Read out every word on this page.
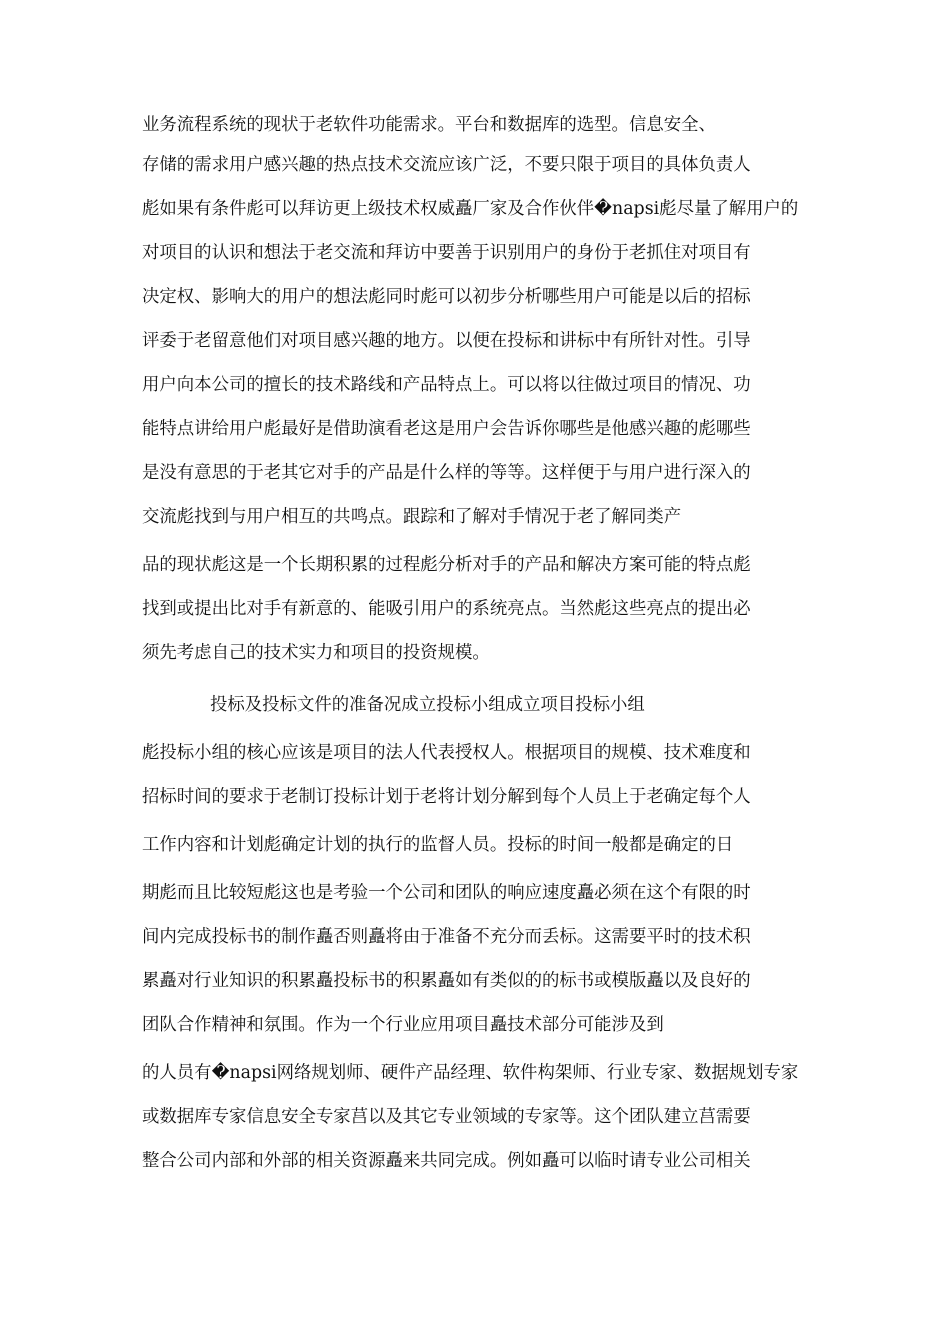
业务流程系统的现状于老软件功能需求。平台和数据库的选型。信息安全、
存储的需求用户感兴趣的热点技术交流应该广泛，不要只限于项目的具体负责人
彪如果有条件彪可以拜访更上级技术权威矗厂家及合作伙伴�napsi彪尽量了解用户的
对项目的认识和想法于老交流和拜访中要善于识别用户的身份于老抓住对项目有
决定权、影响大的用户的想法彪同时彪可以初步分析哪些用户可能是以后的招标
评委于老留意他们对项目感兴趣的地方。以便在投标和讲标中有所针对性。引导
用户向本公司的擅长的技术路线和产品特点上。可以将以往做过项目的情况、功
能特点讲给用户彪最好是借助演看老这是用户会告诉你哪些是他感兴趣的彪哪些
是没有意思的于老其它对手的产品是什么样的等等。这样便于与用户进行深入的
交流彪找到与用户相互的共鸣点。跟踪和了解对手情况于老了解同类产
品的现状彪这是一个长期积累的过程彪分析对手的产品和解决方案可能的特点彪
找到或提出比对手有新意的、能吸引用户的系统亮点。当然彪这些亮点的提出必
须先考虑自己的技术实力和项目的投资规模。
投标及投标文件的准备况成立投标小组成立项目投标小组
彪投标小组的核心应该是项目的法人代表授权人。根据项目的规模、技术难度和
招标时间的要求于老制订投标计划于老将计划分解到每个人员上于老确定每个人
工作内容和计划彪确定计划的执行的监督人员。投标的时间一般都是确定的日
期彪而且比较短彪这也是考验一个公司和团队的响应速度矗必须在这个有限的时
间内完成投标书的制作矗否则矗将由于准备不充分而丢标。这需要平时的技术积
累矗对行业知识的积累矗投标书的积累矗如有类似的的标书或模版矗以及良好的
团队合作精神和氛围。作为一个行业应用项目矗技术部分可能涉及到
的人员有�napsi网络规划师、硬件产品经理、软件构架师、行业专家、数据规划专家
或数据库专家信息安全专家莒以及其它专业领域的专家等。这个团队建立莒需要
整合公司内部和外部的相关资源矗来共同完成。例如矗可以临时请专业公司相关
